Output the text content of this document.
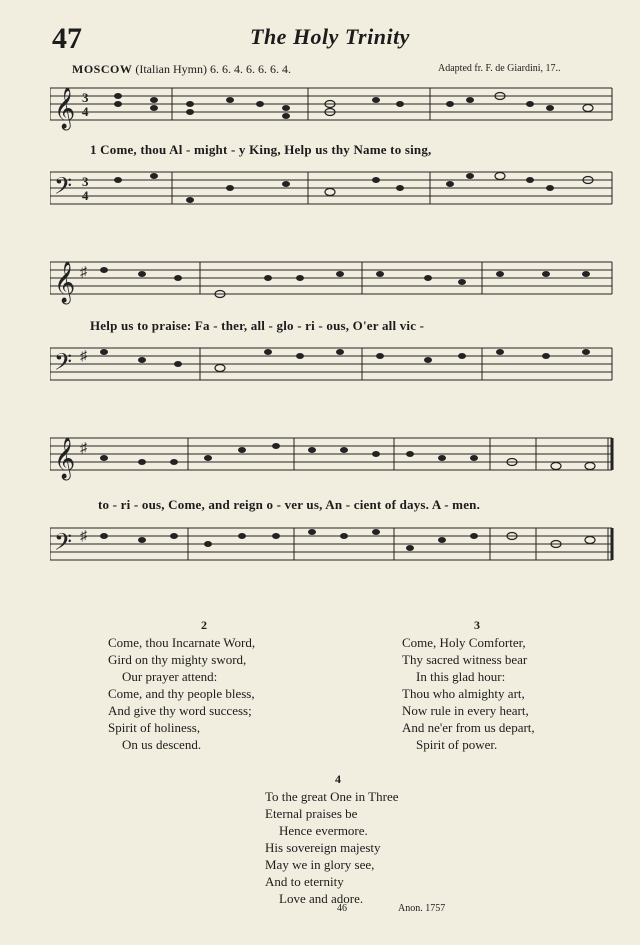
47	The Holy Trinity
MOSCOW (Italian Hymn) 6. 6. 4. 6. 6. 6. 4.	Adapted fr. F. de Giardini, 17..
𝄞 3
4
1 Come, thou Al - might - y King, Help us thy Name to sing,
𝄢 3
4
𝄞 ♯
Help us to praise: Fa - ther, all - glo - ri - ous, O'er all vic -
𝄢 ♯
𝄞 ♯
to - ri - ous, Come, and reign o - ver us, An - cient of days. A - men.
𝄢 ♯
2
Come, thou Incarnate Word,
Gird on thy mighty sword,
Our prayer attend:
Come, and thy people bless,
And give thy word success;
Spirit of holiness,
On us descend.
3
Come, Holy Comforter,
Thy sacred witness bear
In this glad hour:
Thou who almighty art,
Now rule in every heart,
And ne'er from us depart,
Spirit of power.
4
To the great One in Three
Eternal praises be
Hence evermore.
His sovereign majesty
May we in glory see,
And to eternity
Love and adore.
46	Anon. 1757
